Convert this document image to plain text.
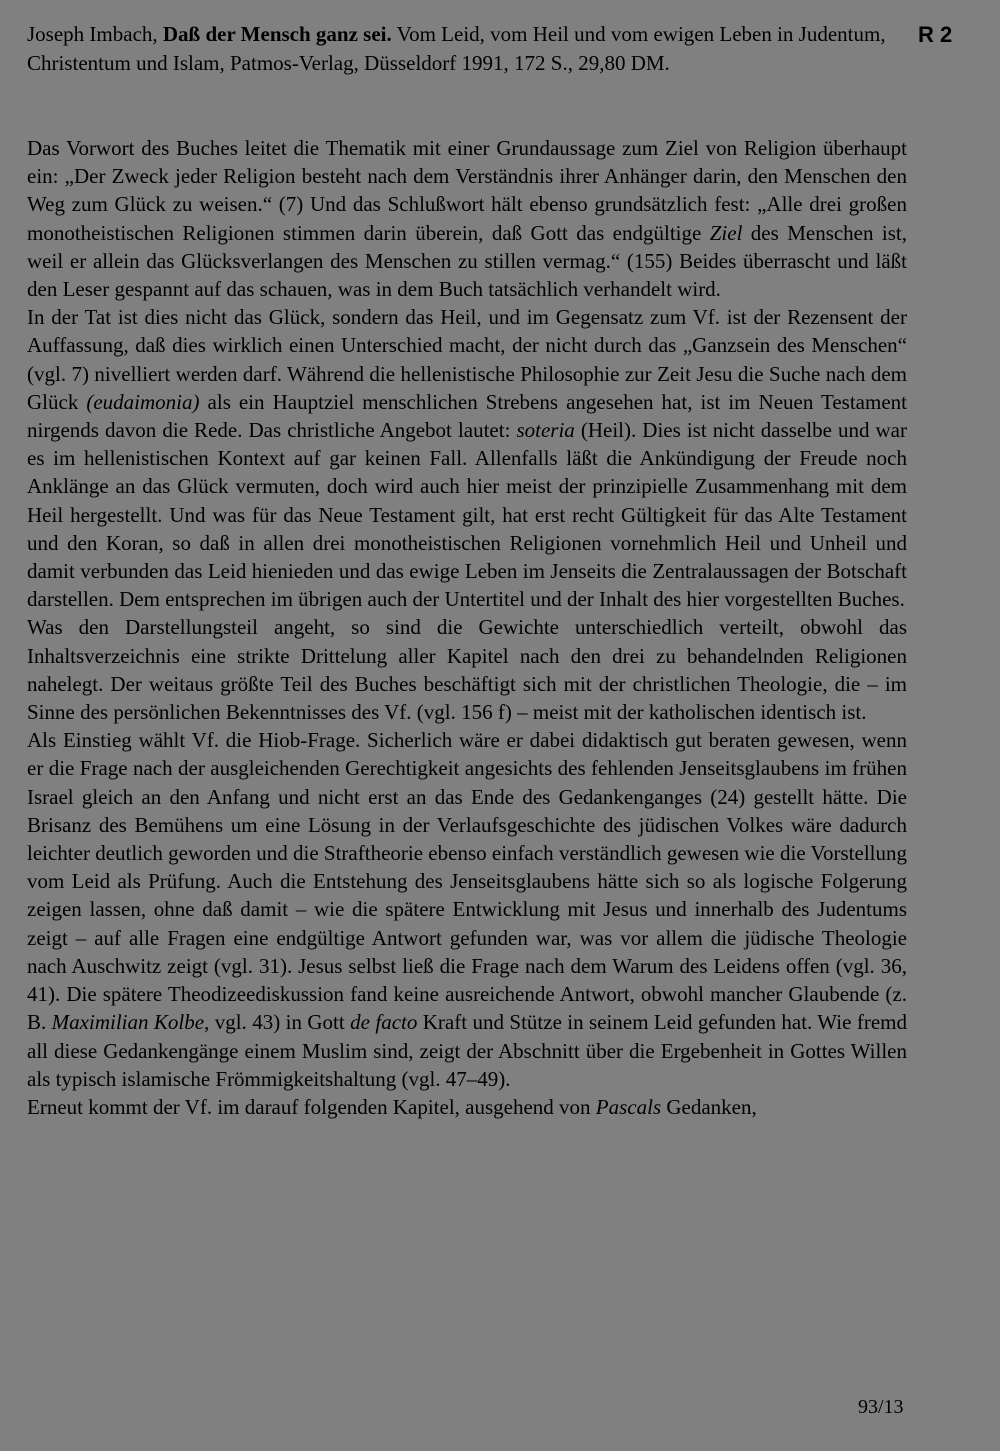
Joseph Imbach, Daß der Mensch ganz sei. Vom Leid, vom Heil und vom ewigen Leben in Judentum, Christentum und Islam, Patmos-Verlag, Düsseldorf 1991, 172 S., 29,80 DM.
R 2

Das Vorwort des Buches leitet die Thematik mit einer Grundaussage zum Ziel von Religion überhaupt ein: „Der Zweck jeder Religion besteht nach dem Verständnis ihrer Anhänger darin, den Menschen den Weg zum Glück zu weisen.“ (7) Und das Schlußwort hält ebenso grundsätzlich fest: „Alle drei großen monotheistischen Religionen stimmen darin überein, daß Gott das endgültige Ziel des Menschen ist, weil er allein das Glücksverlangen des Menschen zu stillen vermag.“ (155) Beides überrascht und läßt den Leser gespannt auf das schauen, was in dem Buch tatsächlich verhandelt wird.

In der Tat ist dies nicht das Glück, sondern das Heil, und im Gegensatz zum Vf. ist der Rezensent der Auffassung, daß dies wirklich einen Unterschied macht, der nicht durch das „Ganzsein des Menschen“ (vgl. 7) nivelliert werden darf. Während die hellenistische Philosophie zur Zeit Jesu die Suche nach dem Glück (eudaimonia) als ein Hauptziel menschlichen Strebens angesehen hat, ist im Neuen Testament nirgends davon die Rede. Das christliche Angebot lautet: soteria (Heil). Dies ist nicht dasselbe und war es im hellenistischen Kontext auf gar keinen Fall. Allenfalls läßt die Ankündigung der Freude noch Anklänge an das Glück vermuten, doch wird auch hier meist der prinzipielle Zusammenhang mit dem Heil hergestellt. Und was für das Neue Testament gilt, hat erst recht Gültigkeit für das Alte Testament und den Koran, so daß in allen drei monotheistischen Religionen vornehmlich Heil und Unheil und damit verbunden das Leid hienieden und das ewige Leben im Jenseits die Zentralaussagen der Botschaft darstellen. Dem entsprechen im übrigen auch der Untertitel und der Inhalt des hier vorgestellten Buches.

Was den Darstellungsteil angeht, so sind die Gewichte unterschiedlich verteilt, obwohl das Inhaltsverzeichnis eine strikte Drittelung aller Kapitel nach den drei zu behandelnden Religionen nahelegt. Der weitaus größte Teil des Buches beschäftigt sich mit der christlichen Theologie, die – im Sinne des persönlichen Bekenntnisses des Vf. (vgl. 156 f) – meist mit der katholischen identisch ist.

Als Einstieg wählt Vf. die Hiob-Frage. Sicherlich wäre er dabei didaktisch gut beraten gewesen, wenn er die Frage nach der ausgleichenden Gerechtigkeit angesichts des fehlenden Jenseitsglaubens im frühen Israel gleich an den Anfang und nicht erst an das Ende des Gedankenganges (24) gestellt hätte. Die Brisanz des Bemühens um eine Lösung in der Verlaufsgeschichte des jüdischen Volkes wäre dadurch leichter deutlich geworden und die Straftheorie ebenso einfach verständlich gewesen wie die Vorstellung vom Leid als Prüfung. Auch die Entstehung des Jenseitsglaubens hätte sich so als logische Folgerung zeigen lassen, ohne daß damit – wie die spätere Entwicklung mit Jesus und innerhalb des Judentums zeigt – auf alle Fragen eine endgültige Antwort gefunden war, was vor allem die jüdische Theologie nach Auschwitz zeigt (vgl. 31). Jesus selbst ließ die Frage nach dem Warum des Leidens offen (vgl. 36, 41). Die spätere Theodizeediskussion fand keine ausreichende Antwort, obwohl mancher Glaubende (z. B. Maximilian Kolbe, vgl. 43) in Gott de facto Kraft und Stütze in seinem Leid gefunden hat. Wie fremd all diese Gedankengänge einem Muslim sind, zeigt der Abschnitt über die Ergebenheit in Gottes Willen als typisch islamische Frömmigkeitshaltung (vgl. 47–49).

Erneut kommt der Vf. im darauf folgenden Kapitel, ausgehend von Pascals Gedanken,

93/13
